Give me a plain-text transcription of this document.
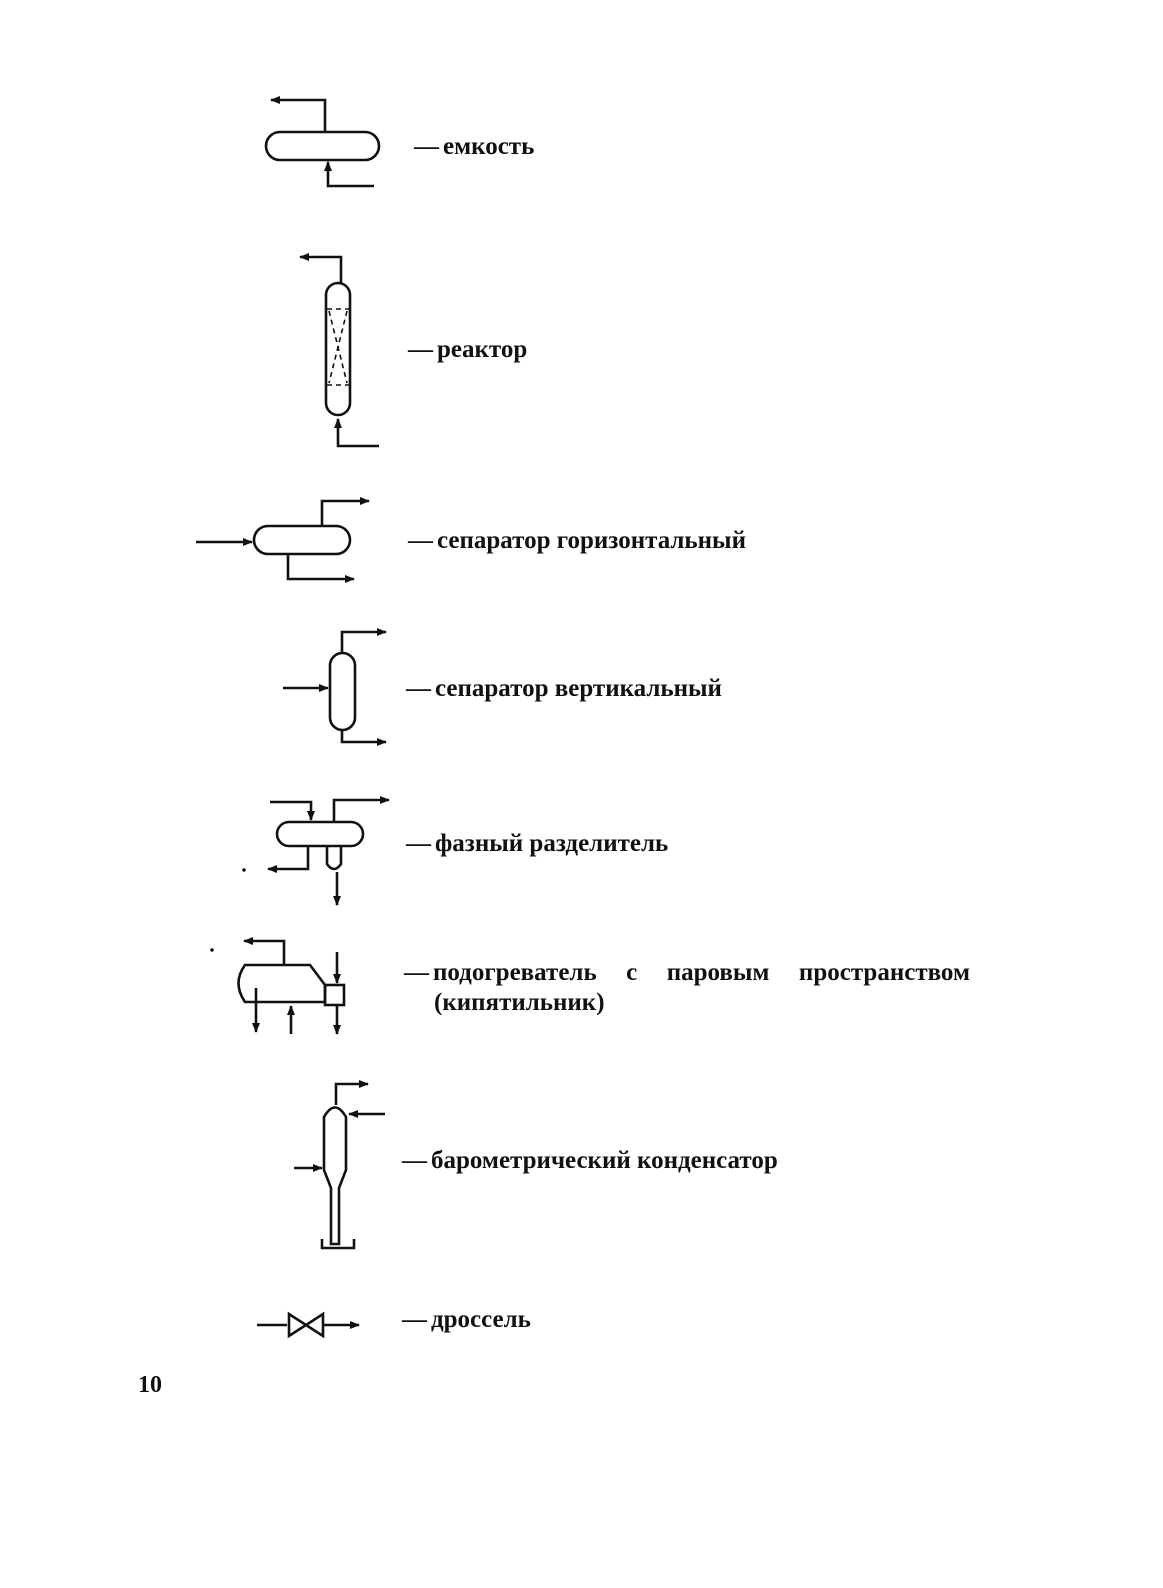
— емкость
— реактор
— сепаратор горизонтальный
— сепаратор вертикальный
— фазный разделитель
— подогреватель с паровым пространством
(кипятильник)
— барометрический конденсатор
— дроссель
10
